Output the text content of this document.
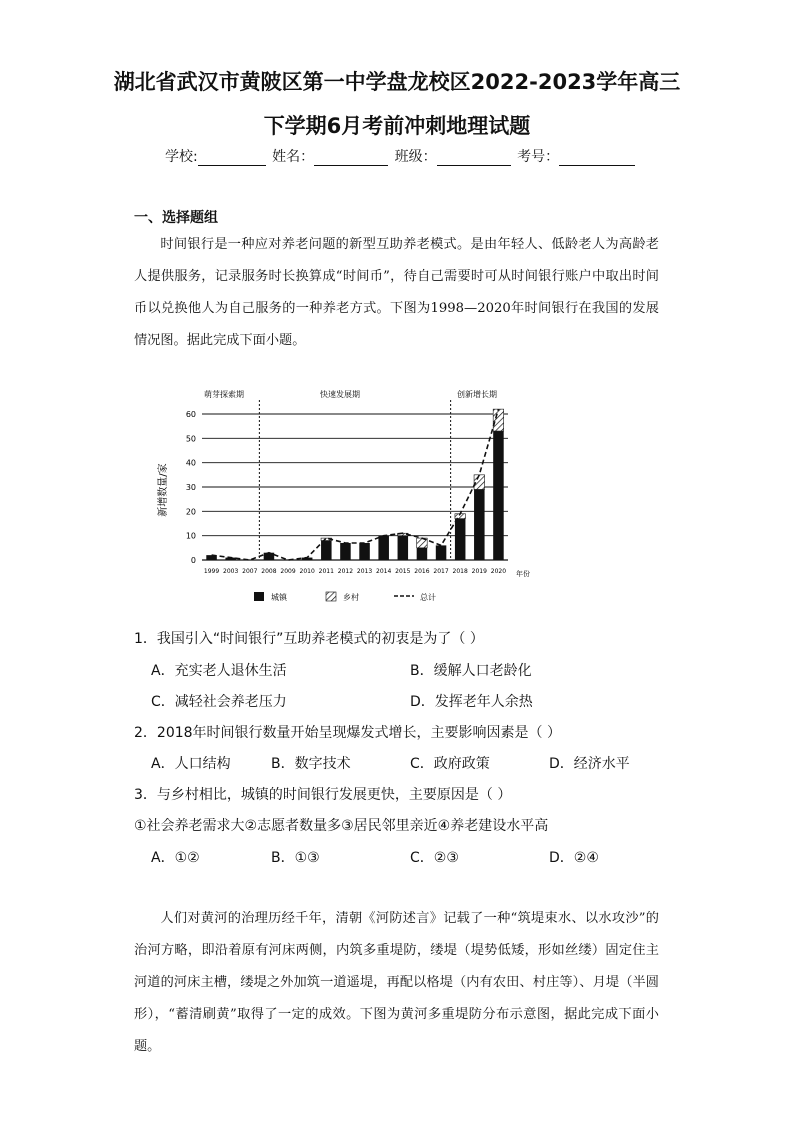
湖北省武汉市黄陂区第一中学盘龙校区2022-2023学年高三
下学期6月考前冲刺地理试题
学校:	姓名：	班级：	考号：
一、选择题组
时间银行是一种应对养老问题的新型互助养老模式。是由年轻人、低龄老人为高龄老人提供服务，记录服务时长换算成“时间币”，待自己需要时可从时间银行账户中取出时间币以兑换他人为自己服务的一种养老方式。下图为1998—2020年时间银行在我国的发展情况图。据此完成下面小题。
0
10
20
30
40
50
60
1999 2003 2007 2008 2009 2010 2011 2012 2013 2014 2015 2016 2017 2018 2019 2020
新增数量/家
年份
萌芽探索期	快速发展期	创新增长期
城镇	乡村	总计
1．我国引入“时间银行”互助养老模式的初衷是为了（ ）
A．充实老人退休生活	B．缓解人口老龄化
C．减轻社会养老压力	D．发挥老年人余热
2．2018年时间银行数量开始呈现爆发式增长，主要影响因素是（ ）
A．人口结构	B．数字技术	C．政府政策	D．经济水平
3．与乡村相比，城镇的时间银行发展更快，主要原因是（ ）
①社会养老需求大②志愿者数量多③居民邻里亲近④养老建设水平高
A．①②	B．①③	C．②③	D．②④
人们对黄河的治理历经千年，清朝《河防述言》记载了一种“筑堤束水、以水攻沙”的治河方略，即沿着原有河床两侧，内筑多重堤防，缕堤（堤势低矮，形如丝缕）固定住主河道的河床主槽，缕堤之外加筑一道遥堤，再配以格堤（内有农田、村庄等）、月堤（半圆形），“蓄清刷黄”取得了一定的成效。下图为黄河多重堤防分布示意图，据此完成下面小题。
